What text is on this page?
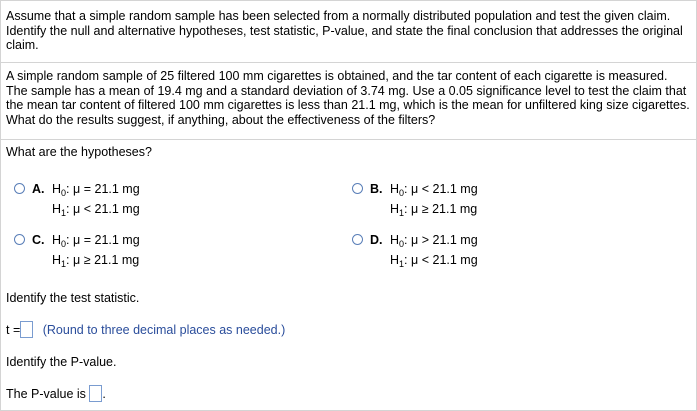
Assume that a simple random sample has been selected from a normally distributed population and test the given claim. Identify the null and alternative hypotheses, test statistic, P-value, and state the final conclusion that addresses the original claim.
A simple random sample of 25 filtered 100 mm cigarettes is obtained, and the tar content of each cigarette is measured. The sample has a mean of 19.4 mg and a standard deviation of 3.74 mg. Use a 0.05 significance level to test the claim that the mean tar content of filtered 100 mm cigarettes is less than 21.1 mg, which is the mean for unfiltered king size cigarettes. What do the results suggest, if anything, about the effectiveness of the filters?
What are the hypotheses?
A. $H_0$: μ = 21.1 mg
$H_1$: μ < 21.1 mg
B. $H_0$: μ < 21.1 mg
$H_1$: μ ≥ 21.1 mg
C. $H_0$: μ = 21.1 mg
$H_1$: μ ≥ 21.1 mg
D. $H_0$: μ > 21.1 mg
$H_1$: μ < 21.1 mg
Identify the test statistic.
t = (Round to three decimal places as needed.)
Identify the P-value.
The P-value is .
